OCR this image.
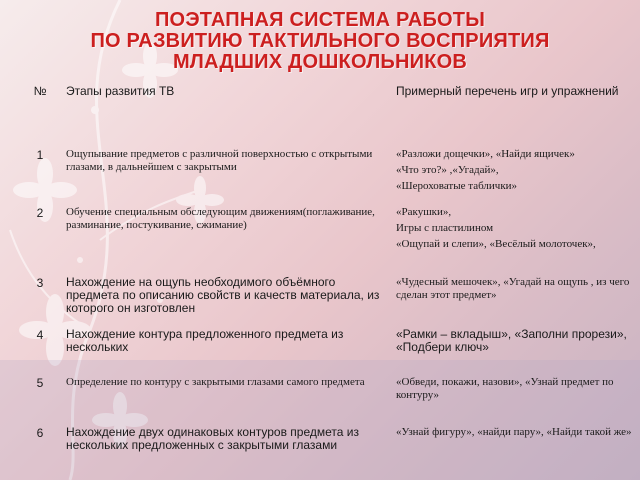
ПОЭТАПНАЯ СИСТЕМА РАБОТЫ
ПО РАЗВИТИЮ ТАКТИЛЬНОГО ВОСПРИЯТИЯ
МЛАДШИХ ДОШКОЛЬНИКОВ
№	Этапы развития ТВ	Примерный перечень игр и упражнений
1	Ощупывание предметов с различной поверхностью с открытыми глазами, в дальнейшем с закрытыми	«Разложи дощечки», «Найди ящичек»
«Что это?» ,«Угадай»,
«Шероховатые таблички»

2	Обучение специальным обследующим движениям(поглаживание, разминание, постукивание, сжимание)	«Ракушки»,
Игры с пластилином
«Ощупай и слепи», «Весёлый молоточек»,

3	Нахождение на ощупь необходимого объёмного предмета по описанию свойств и качеств материала, из которого он изготовлен	«Чудесный мешочек», «Угадай на ощупь , из чего сделан этот предмет»

4	Нахождение контура предложенного предмета из нескольких	«Рамки – вкладыш», «Заполни прорези», «Подбери ключ»

5	Определение по контуру с закрытыми глазами самого предмета	«Обведи, покажи, назови», «Узнай предмет по контуру»

6	Нахождение двух одинаковых контуров предмета из нескольких предложенных с закрытыми глазами	«Узнай фигуру», «найди пару», «Найди такой же»
